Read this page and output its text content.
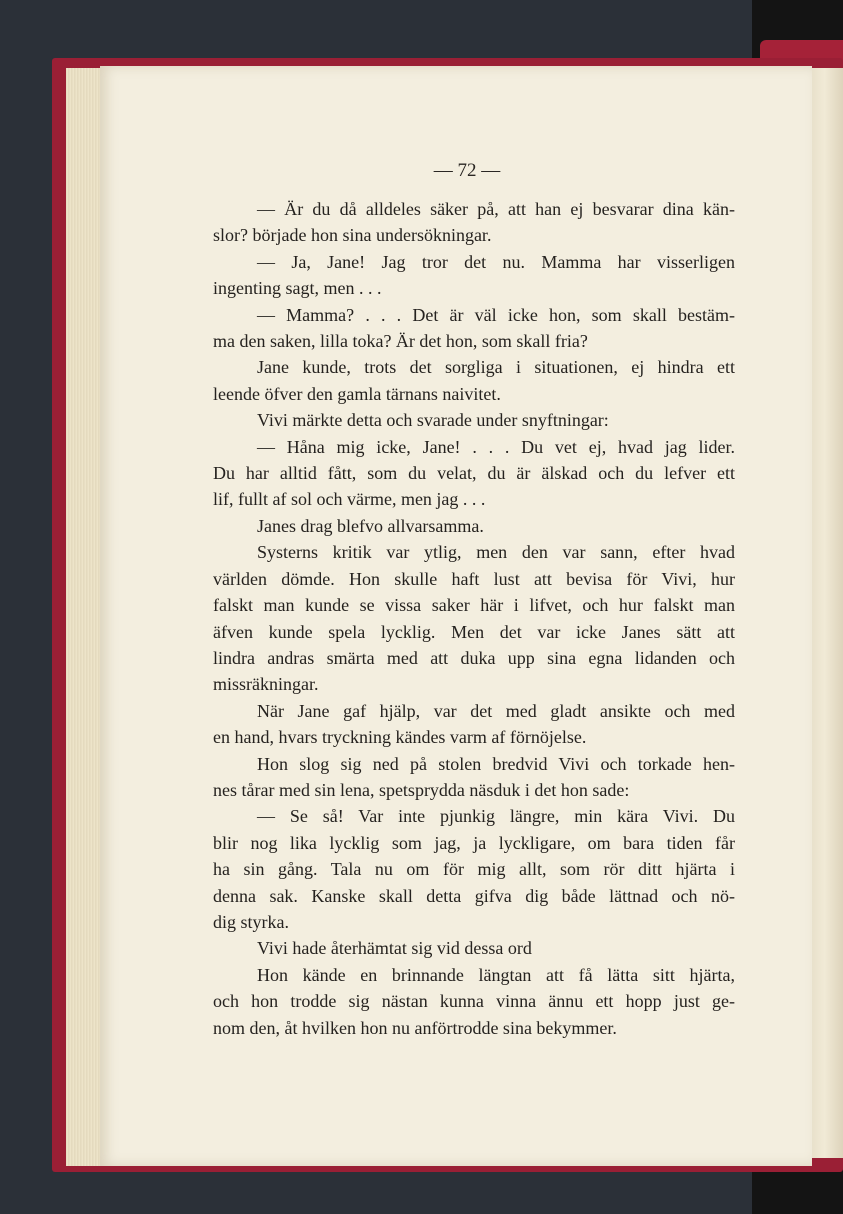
— 72 —
— Är du då alldeles säker på, att han ej besvarar dina kän-
slor? började hon sina undersökningar.
— Ja, Jane! Jag tror det nu. Mamma har visserligen
ingenting sagt, men . . .
— Mamma? . . . Det är väl icke hon, som skall bestäm-
ma den saken, lilla toka? Är det hon, som skall fria?
Jane kunde, trots det sorgliga i situationen, ej hindra ett
leende öfver den gamla tärnans naivitet.
Vivi märkte detta och svarade under snyftningar:
— Håna mig icke, Jane! . . . Du vet ej, hvad jag lider.
Du har alltid fått, som du velat, du är älskad och du lefver ett
lif, fullt af sol och värme, men jag . . .
Janes drag blefvo allvarsamma.
Systerns kritik var ytlig, men den var sann, efter hvad
världen dömde. Hon skulle haft lust att bevisa för Vivi, hur
falskt man kunde se vissa saker här i lifvet, och hur falskt man
äfven kunde spela lycklig. Men det var icke Janes sätt att
lindra andras smärta med att duka upp sina egna lidanden och
missräkningar.
När Jane gaf hjälp, var det med gladt ansikte och med
en hand, hvars tryckning kändes varm af förnöjelse.
Hon slog sig ned på stolen bredvid Vivi och torkade hen-
nes tårar med sin lena, spetsprydda näsduk i det hon sade:
— Se så! Var inte pjunkig längre, min kära Vivi. Du
blir nog lika lycklig som jag, ja lyckligare, om bara tiden får
ha sin gång. Tala nu om för mig allt, som rör ditt hjärta i
denna sak. Kanske skall detta gifva dig både lättnad och nö-
dig styrka.
Vivi hade återhämtat sig vid dessa ord
Hon kände en brinnande längtan att få lätta sitt hjärta,
och hon trodde sig nästan kunna vinna ännu ett hopp just ge-
nom den, åt hvilken hon nu anförtrodde sina bekymmer.
